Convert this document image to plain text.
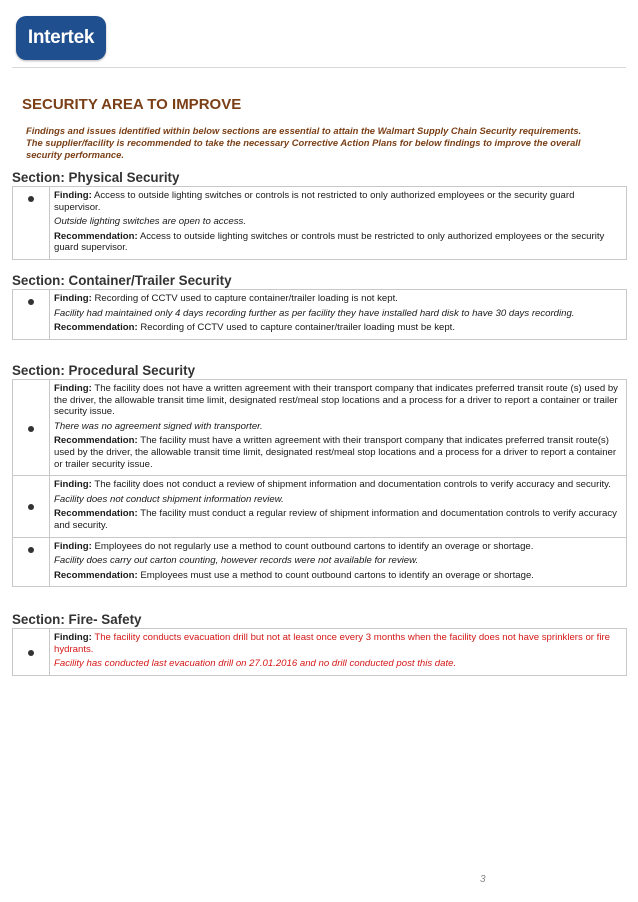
Intertek
SECURITY AREA TO IMPROVE

Findings and issues identified within below sections are essential to attain the Walmart Supply Chain Security requirements. The supplier/facility is recommended to take the necessary Corrective Action Plans for below findings to improve the overall security performance.

Section: Physical Security

Finding: Access to outside lighting switches or controls is not restricted to only authorized employees or the security guard supervisor.
Outside lighting switches are open to access.
Recommendation: Access to outside lighting switches or controls must be restricted to only authorized employees or the security guard supervisor.
Section: Container/Trailer Security

Finding: Recording of CCTV used to capture container/trailer loading is not kept.
Facility had maintained only 4 days recording further as per facility they have installed hard disk to have 30 days recording.
Recommendation: Recording of CCTV used to capture container/trailer loading must be kept.
Section: Procedural Security

	Finding: The facility does not have a written agreement with their transport company that indicates preferred transit route (s) used by the driver, the allowable transit time limit, designated rest/meal stop locations and a process for a driver to report a container or trailer security issue.
There was no agreement signed with transporter.
Recommendation: The facility must have a written agreement with their transport company that indicates preferred transit route(s) used by the driver, the allowable transit time limit, designated rest/meal stop locations and a process for a driver to report a container or trailer security issue.

	Finding: The facility does not conduct a review of shipment information and documentation controls to verify accuracy and security.
Facility does not conduct shipment information review.
Recommendation: The facility must conduct a regular review of shipment information and documentation controls to verify accuracy and security.

	Finding: Employees do not regularly use a method to count outbound cartons to identify an overage or shortage.
Facility does carry out carton counting, however records were not available for review.
Recommendation: Employees must use a method to count outbound cartons to identify an overage or shortage.
Section: Fire- Safety

Finding: The facility conducts evacuation drill but not at least once every 3 months when the facility does not have sprinklers or fire hydrants.
Facility has conducted last evacuation drill on 27.01.2016 and no drill conducted post this date.
3
